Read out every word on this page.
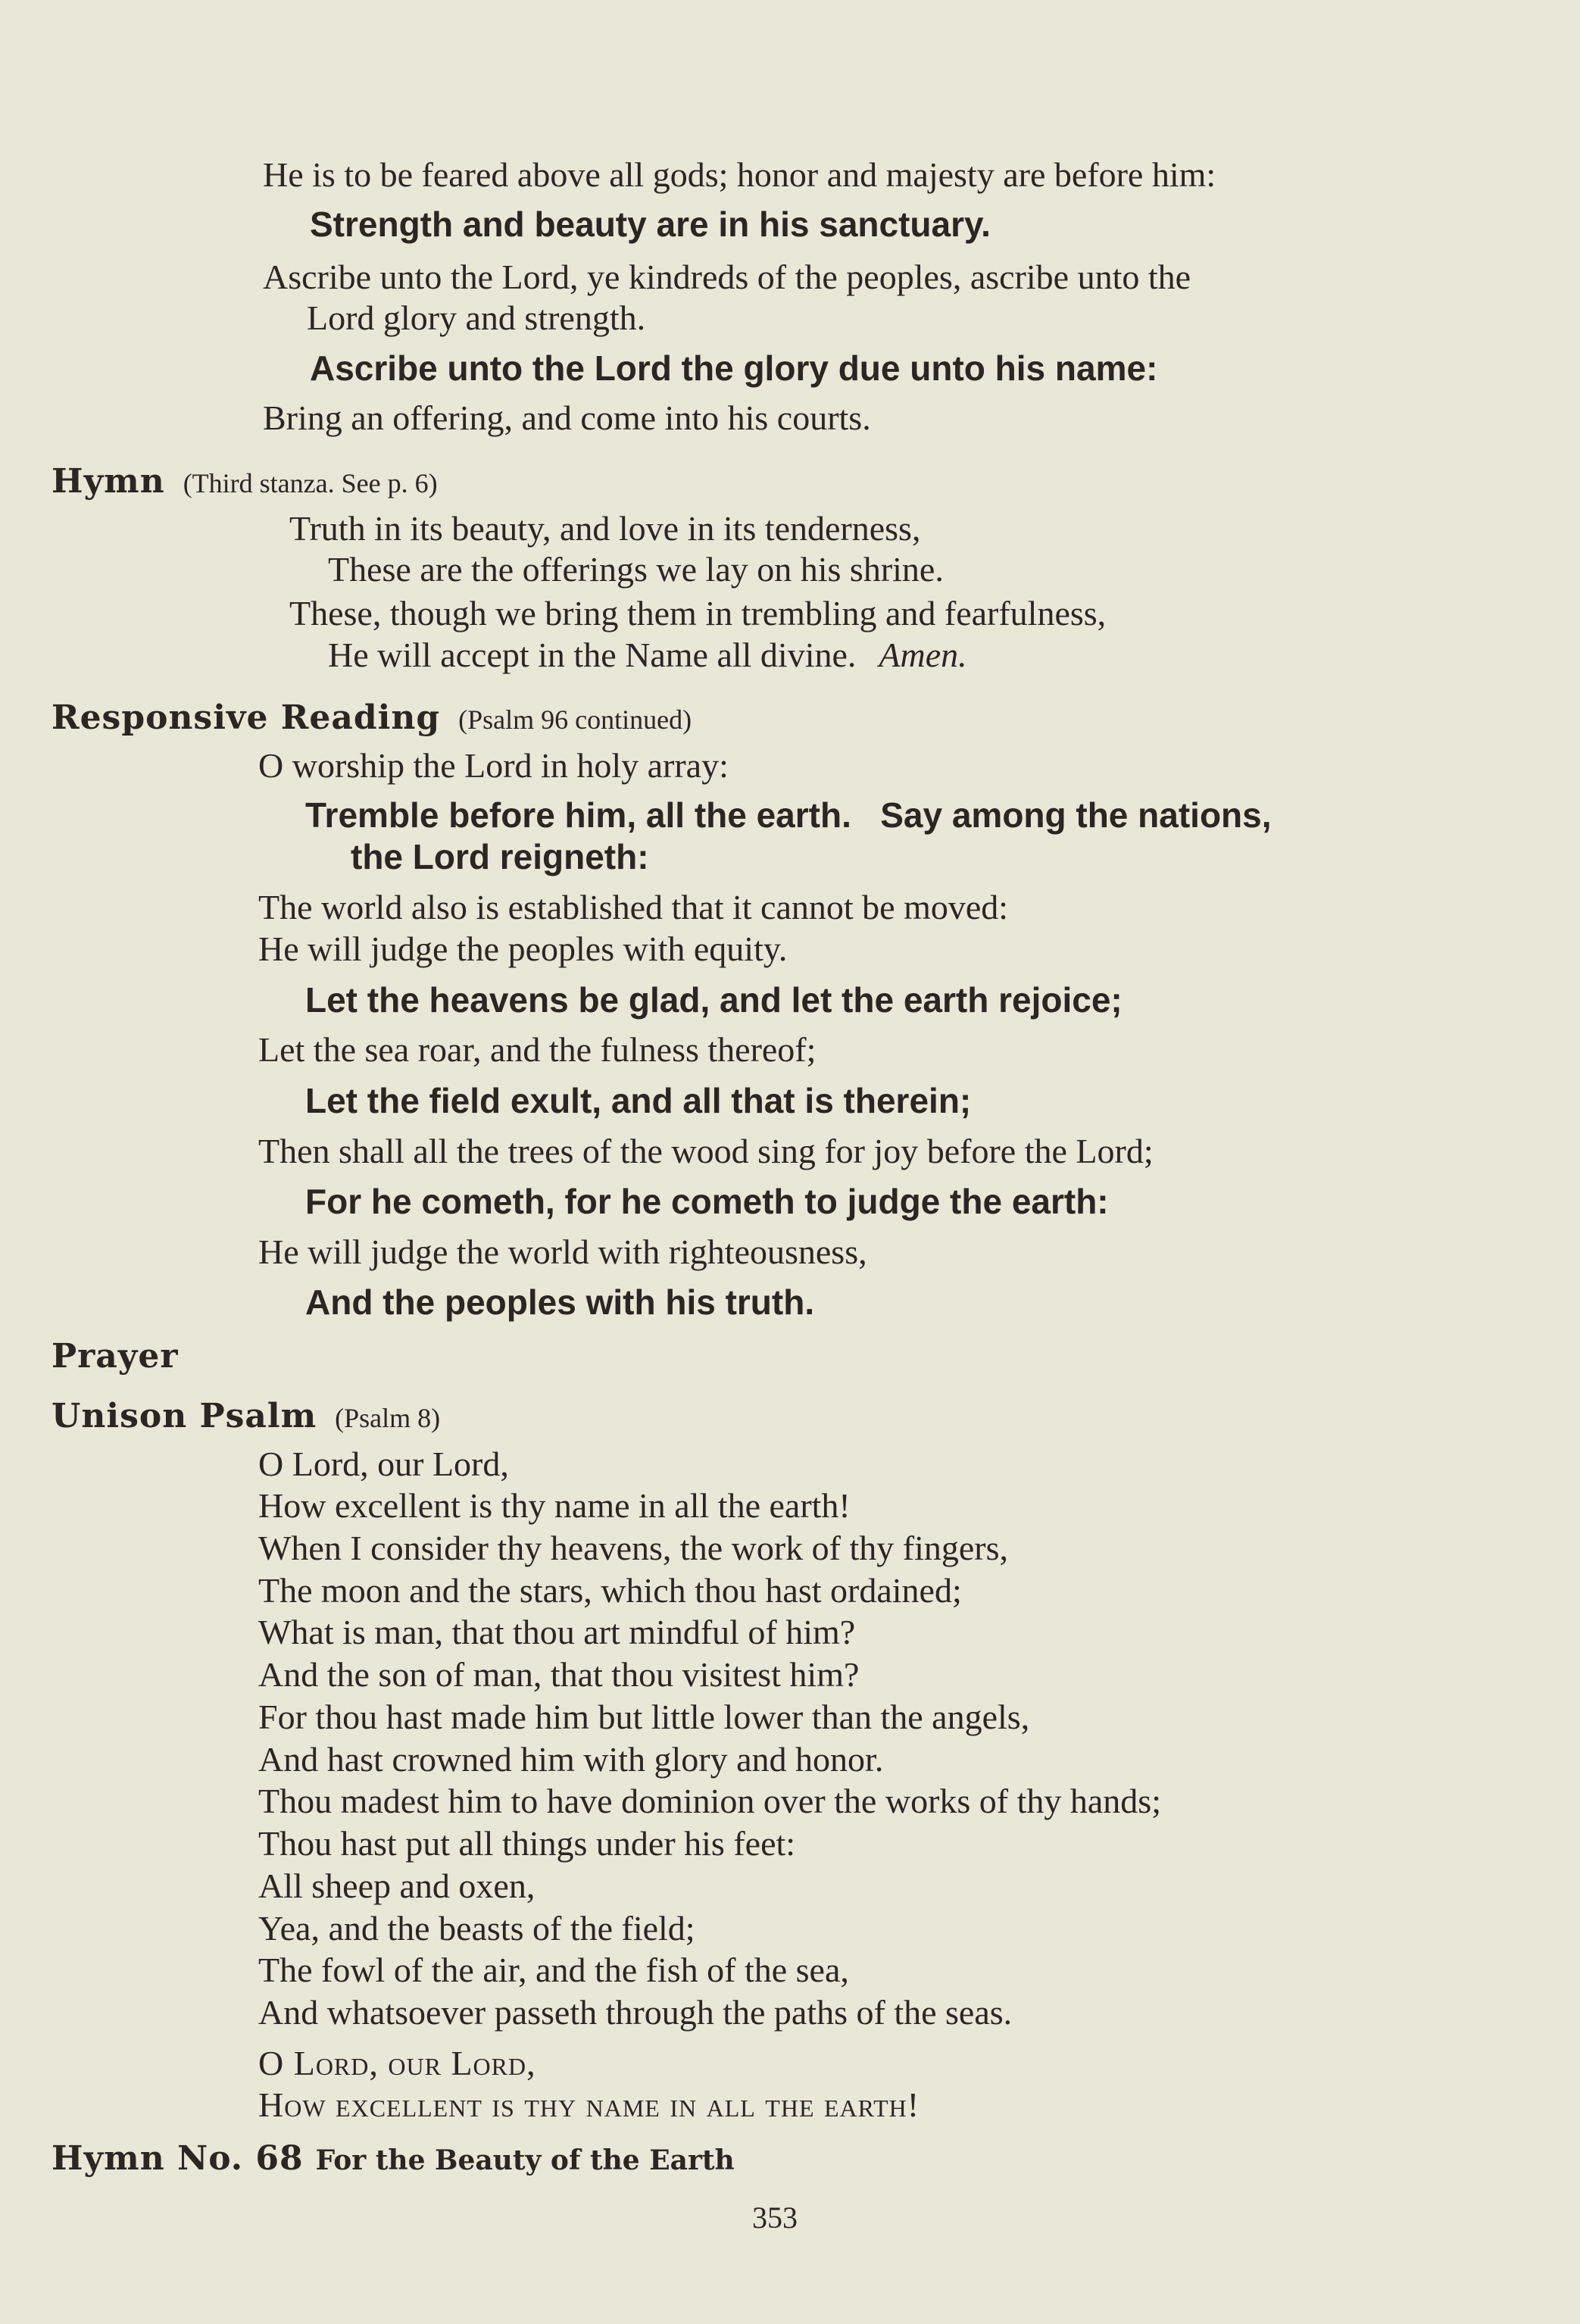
He is to be feared above all gods; honor and majesty are before him:
Strength and beauty are in his sanctuary.
Ascribe unto the Lord, ye kindreds of the peoples, ascribe unto the
Lord glory and strength.
Ascribe unto the Lord the glory due unto his name:
Bring an offering, and come into his courts.
Hymn (Third stanza. See p. 6)
Truth in its beauty, and love in its tenderness,
These are the offerings we lay on his shrine.
These, though we bring them in trembling and fearfulness,
He will accept in the Name all divine. Amen.
Responsive Reading (Psalm 96 continued)
O worship the Lord in holy array:
Tremble before him, all the earth.   Say among the nations,
the Lord reigneth:
The world also is established that it cannot be moved:
He will judge the peoples with equity.
Let the heavens be glad, and let the earth rejoice;
Let the sea roar, and the fulness thereof;
Let the field exult, and all that is therein;
Then shall all the trees of the wood sing for joy before the Lord;
For he cometh, for he cometh to judge the earth:
He will judge the world with righteousness,
And the peoples with his truth.
Prayer
Unison Psalm (Psalm 8)
O Lord, our Lord,
How excellent is thy name in all the earth!
When I consider thy heavens, the work of thy fingers,
The moon and the stars, which thou hast ordained;
What is man, that thou art mindful of him?
And the son of man, that thou visitest him?
For thou hast made him but little lower than the angels,
And hast crowned him with glory and honor.
Thou madest him to have dominion over the works of thy hands;
Thou hast put all things under his feet:
All sheep and oxen,
Yea, and the beasts of the field;
The fowl of the air, and the fish of the sea,
And whatsoever passeth through the paths of the seas.
O Lord, our Lord,
How excellent is thy name in all the earth!
Hymn No. 68 For the Beauty of the Earth
353
